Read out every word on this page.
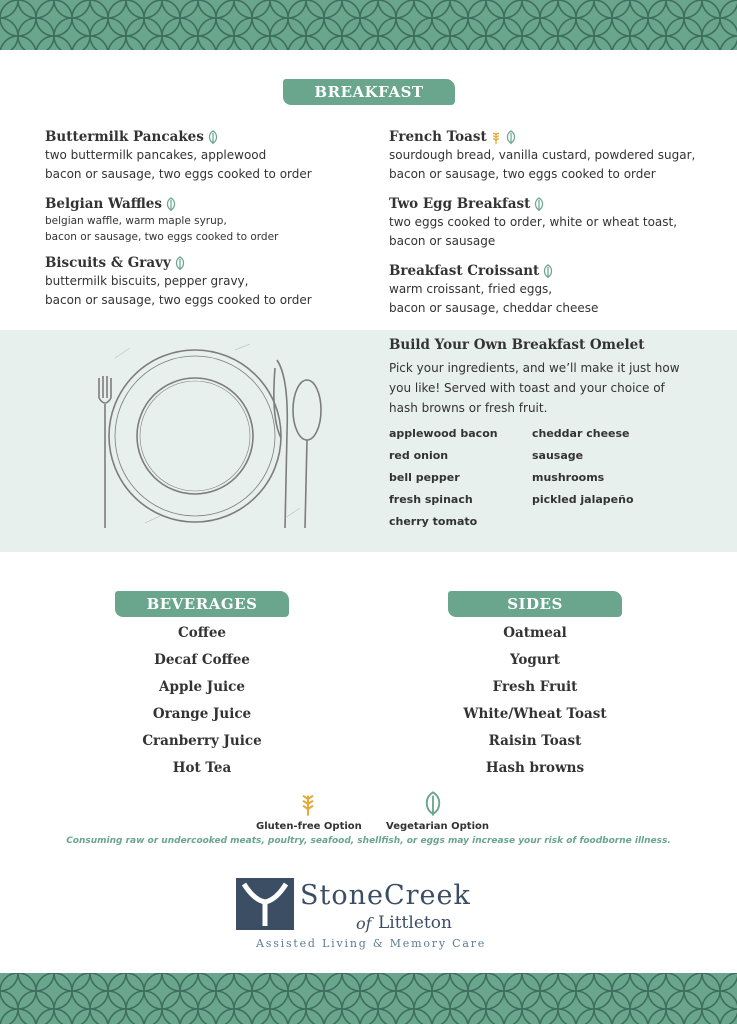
BREAKFAST
Buttermilk Pancakes
two buttermilk pancakes, applewood
bacon or sausage, two eggs cooked to order
Belgian Waffles
belgian waffle, warm maple syrup,
bacon or sausage, two eggs cooked to order
Biscuits & Gravy
buttermilk biscuits, pepper gravy,
bacon or sausage, two eggs cooked to order
French Toast
sourdough bread, vanilla custard, powdered sugar,
bacon or sausage, two eggs cooked to order
Two Egg Breakfast
two eggs cooked to order, white or wheat toast,
bacon or sausage
Breakfast Croissant
warm croissant, fried eggs,
bacon or sausage, cheddar cheese
Build Your Own Breakfast Omelet
Pick your ingredients, and we’ll make it just how
you like! Served with toast and your choice of
hash browns or fresh fruit.
applewood bacon
red onion
bell pepper
fresh spinach
cherry tomato
cheddar cheese
sausage
mushrooms
pickled jalapeño
BEVERAGES	SIDES
Coffee
Decaf Coffee
Apple Juice
Orange Juice
Cranberry Juice
Hot Tea
Oatmeal
Yogurt
Fresh Fruit
White/Wheat Toast
Raisin Toast
Hash browns
Gluten-free Option Vegetarian Option
Consuming raw or undercooked meats, poultry, seafood, shellfish, or eggs may increase your risk of foodborne illness.
StoneCreek
of Littleton
Assisted Living & Memory Care
